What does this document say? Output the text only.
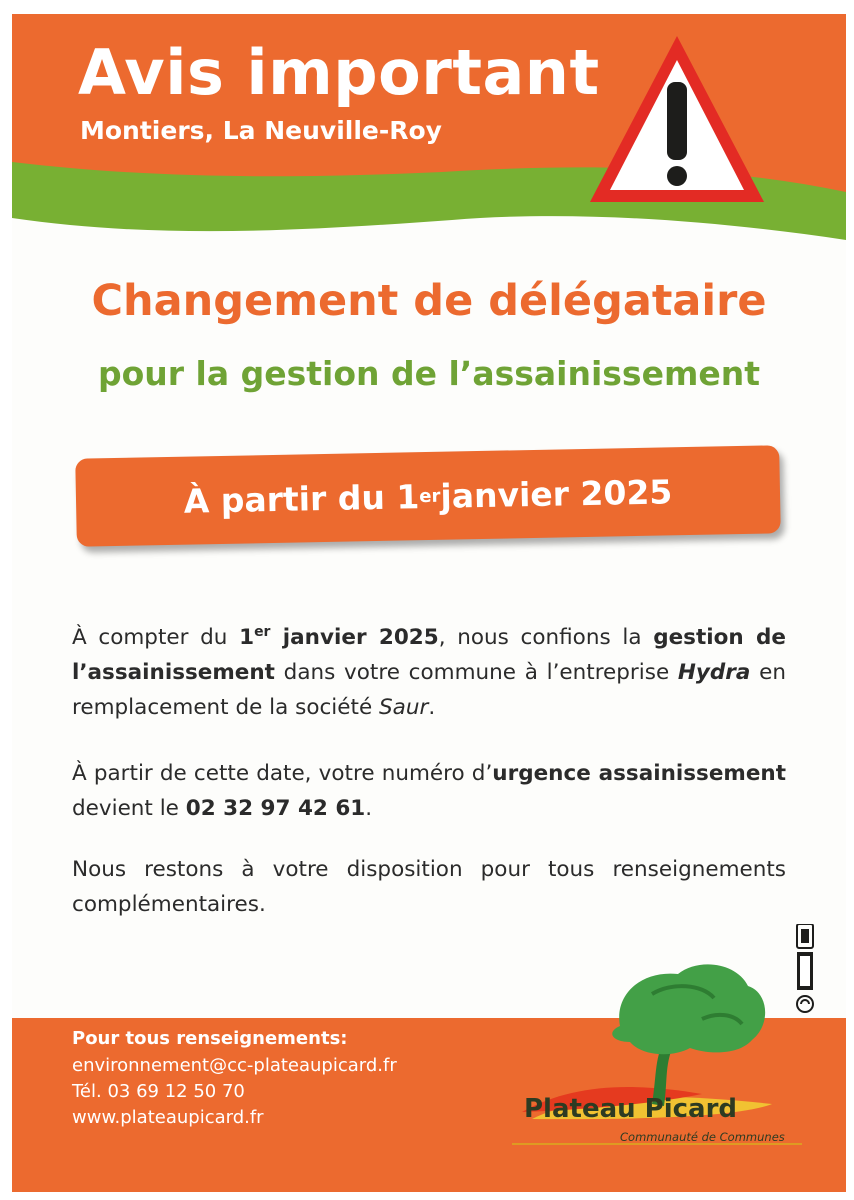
Avis important

Montiers, La Neuville-Roy

Changement de délégataire
pour la gestion de l’assainissement
À partir du 1 er janvier 2025

À compter du 1er janvier 2025, nous confions la gestion de l’assainissement dans votre commune à l’entreprise Hydra en remplacement de la société Saur.

À partir de cette date, votre numéro d’urgence assainissement devient le 02 32 97 42 61.

Nous restons à votre disposition pour tous renseignements complémentaires.

Pour tous renseignements:

environnement@cc-plateaupicard.fr

Tél. 03 69 12 50 70

www.plateaupicard.fr	Plateau Picard
Communauté de Communes
